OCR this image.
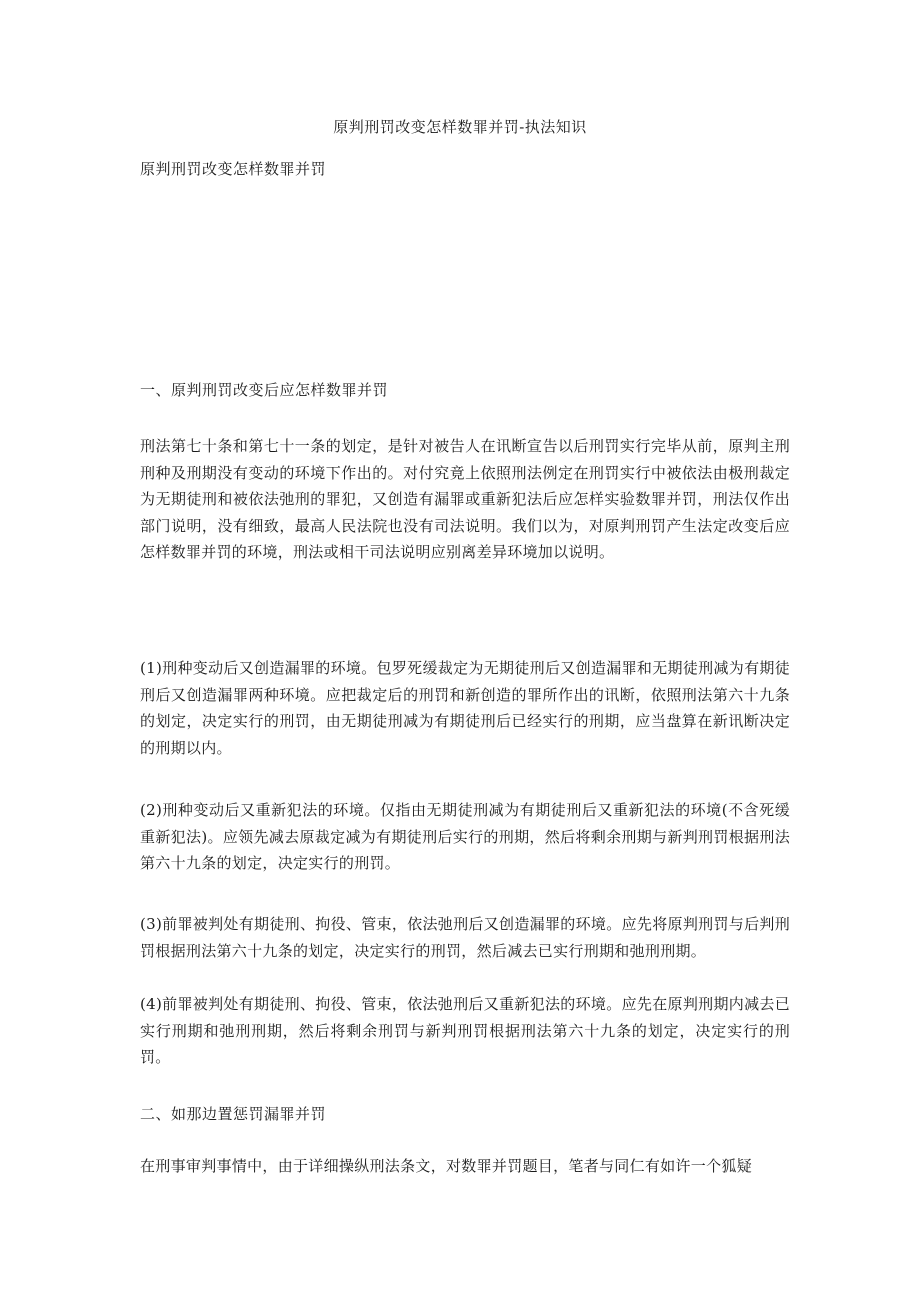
原判刑罚改变怎样数罪并罚-执法知识
原判刑罚改变怎样数罪并罚
一、原判刑罚改变后应怎样数罪并罚
刑法第七十条和第七十一条的划定，是针对被告人在讯断宣告以后刑罚实行完毕从前，原判主刑刑种及刑期没有变动的环境下作出的。对付究竟上依照刑法例定在刑罚实行中被依法由极刑裁定为无期徒刑和被依法弛刑的罪犯，又创造有漏罪或重新犯法后应怎样实验数罪并罚，刑法仅作出部门说明，没有细致，最高人民法院也没有司法说明。我们以为，对原判刑罚产生法定改变后应怎样数罪并罚的环境，刑法或相干司法说明应别离差异环境加以说明。
(1)刑种变动后又创造漏罪的环境。包罗死缓裁定为无期徒刑后又创造漏罪和无期徒刑减为有期徒刑后又创造漏罪两种环境。应把裁定后的刑罚和新创造的罪所作出的讯断，依照刑法第六十九条的划定，决定实行的刑罚，由无期徒刑减为有期徒刑后已经实行的刑期，应当盘算在新讯断决定的刑期以内。
(2)刑种变动后又重新犯法的环境。仅指由无期徒刑减为有期徒刑后又重新犯法的环境(不含死缓重新犯法)。应领先减去原裁定减为有期徒刑后实行的刑期，然后将剩余刑期与新判刑罚根据刑法第六十九条的划定，决定实行的刑罚。
(3)前罪被判处有期徒刑、拘役、管束，依法弛刑后又创造漏罪的环境。应先将原判刑罚与后判刑罚根据刑法第六十九条的划定，决定实行的刑罚，然后减去已实行刑期和弛刑刑期。
(4)前罪被判处有期徒刑、拘役、管束，依法弛刑后又重新犯法的环境。应先在原判刑期内减去已实行刑期和弛刑刑期，然后将剩余刑罚与新判刑罚根据刑法第六十九条的划定，决定实行的刑罚。
二、如那边置惩罚漏罪并罚
在刑事审判事情中，由于详细操纵刑法条文，对数罪并罚题目，笔者与同仁有如许一个狐疑
